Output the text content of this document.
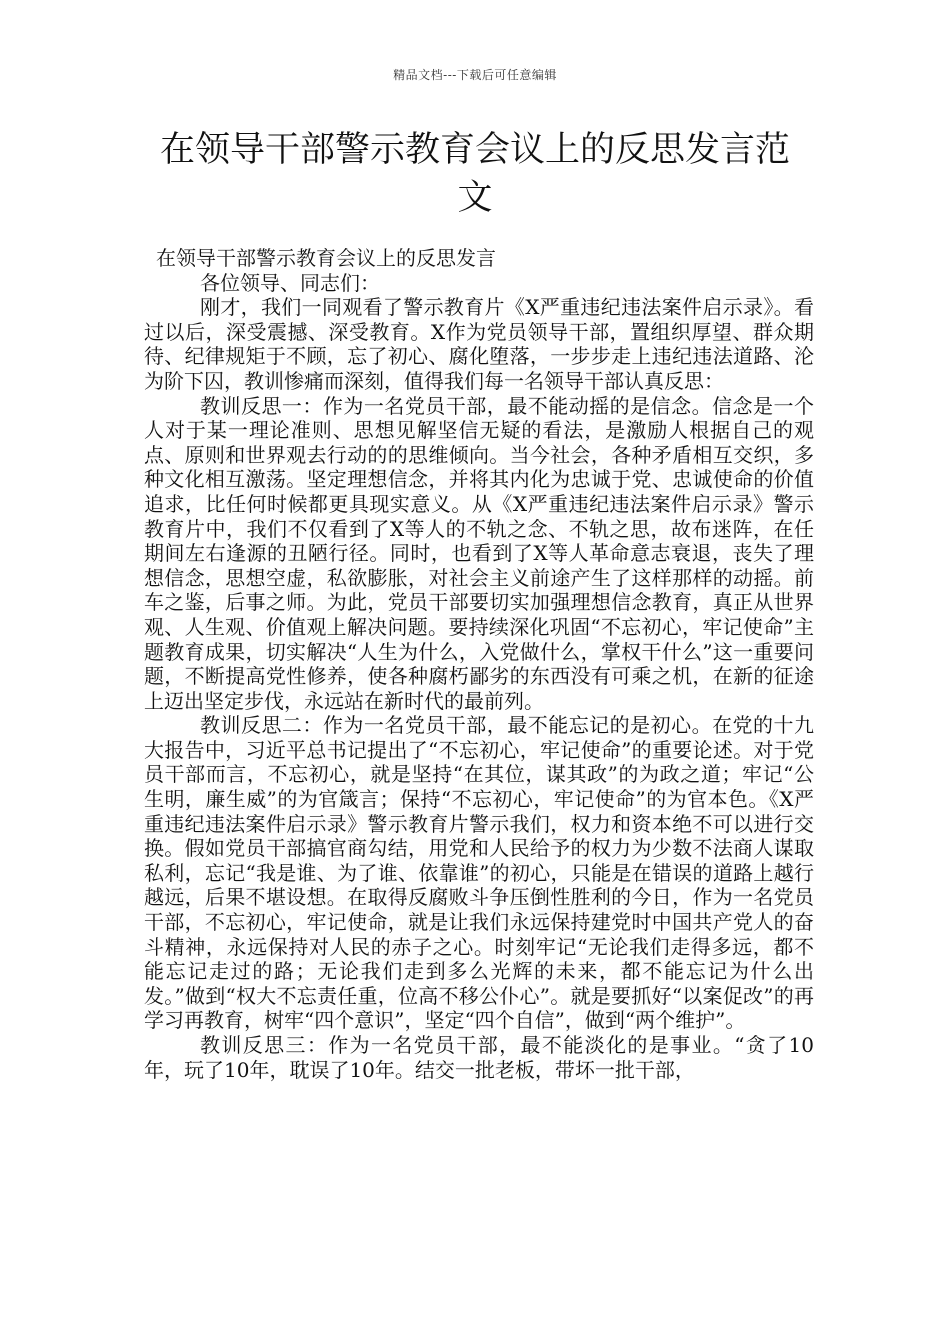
精品文档---下载后可任意编辑
在领导干部警示教育会议上的反思发言范文

在领导干部警示教育会议上的反思发言

各位领导、同志们：

刚才，我们一同观看了警示教育片《X严重违纪违法案件启示录》。看过以后，深受震撼、深受教育。X作为党员领导干部，置组织厚望、群众期待、纪律规矩于不顾，忘了初心、腐化堕落，一步步走上违纪违法道路、沦为阶下囚，教训惨痛而深刻，值得我们每一名领导干部认真反思：

教训反思一：作为一名党员干部，最不能动摇的是信念。信念是一个人对于某一理论准则、思想见解坚信无疑的看法，是激励人根据自己的观点、原则和世界观去行动的的思维倾向。当今社会，各种矛盾相互交织，多种文化相互激荡。坚定理想信念，并将其内化为忠诚于党、忠诚使命的价值追求，比任何时候都更具现实意义。从《X严重违纪违法案件启示录》警示教育片中，我们不仅看到了X等人的不轨之念、不轨之思，故布迷阵，在任期间左右逢源的丑陋行径。同时，也看到了X等人革命意志衰退，丧失了理想信念，思想空虚，私欲膨胀，对社会主义前途产生了这样那样的动摇。前车之鉴，后事之师。为此，党员干部要切实加强理想信念教育，真正从世界观、人生观、价值观上解决问题。要持续深化巩固“不忘初心，牢记使命”主题教育成果，切实解决“人生为什么，入党做什么，掌权干什么”这一重要问题，不断提高党性修养，使各种腐朽鄙劣的东西没有可乘之机，在新的征途上迈出坚定步伐，永远站在新时代的最前列。

教训反思二：作为一名党员干部，最不能忘记的是初心。在党的十九大报告中，习近平总书记提出了“不忘初心，牢记使命”的重要论述。对于党员干部而言，不忘初心，就是坚持“在其位，谋其政”的为政之道；牢记“公生明，廉生威”的为官箴言；保持“不忘初心，牢记使命”的为官本色。《X严重违纪违法案件启示录》警示教育片警示我们，权力和资本绝不可以进行交换。假如党员干部搞官商勾结，用党和人民给予的权力为少数不法商人谋取私利，忘记“我是谁、为了谁、依靠谁”的初心，只能是在错误的道路上越行越远，后果不堪设想。在取得反腐败斗争压倒性胜利的今日，作为一名党员干部，不忘初心，牢记使命，就是让我们永远保持建党时中国共产党人的奋斗精神，永远保持对人民的赤子之心。时刻牢记“无论我们走得多远，都不能忘记走过的路；无论我们走到多么光辉的未来，都不能忘记为什么出发。”做到“权大不忘责任重，位高不移公仆心”。就是要抓好“以案促改”的再学习再教育，树牢“四个意识”，坚定“四个自信”，做到“两个维护”。

教训反思三：作为一名党员干部，最不能淡化的是事业。“贪了10年，玩了10年，耽误了10年。结交一批老板，带坏一批干部，
